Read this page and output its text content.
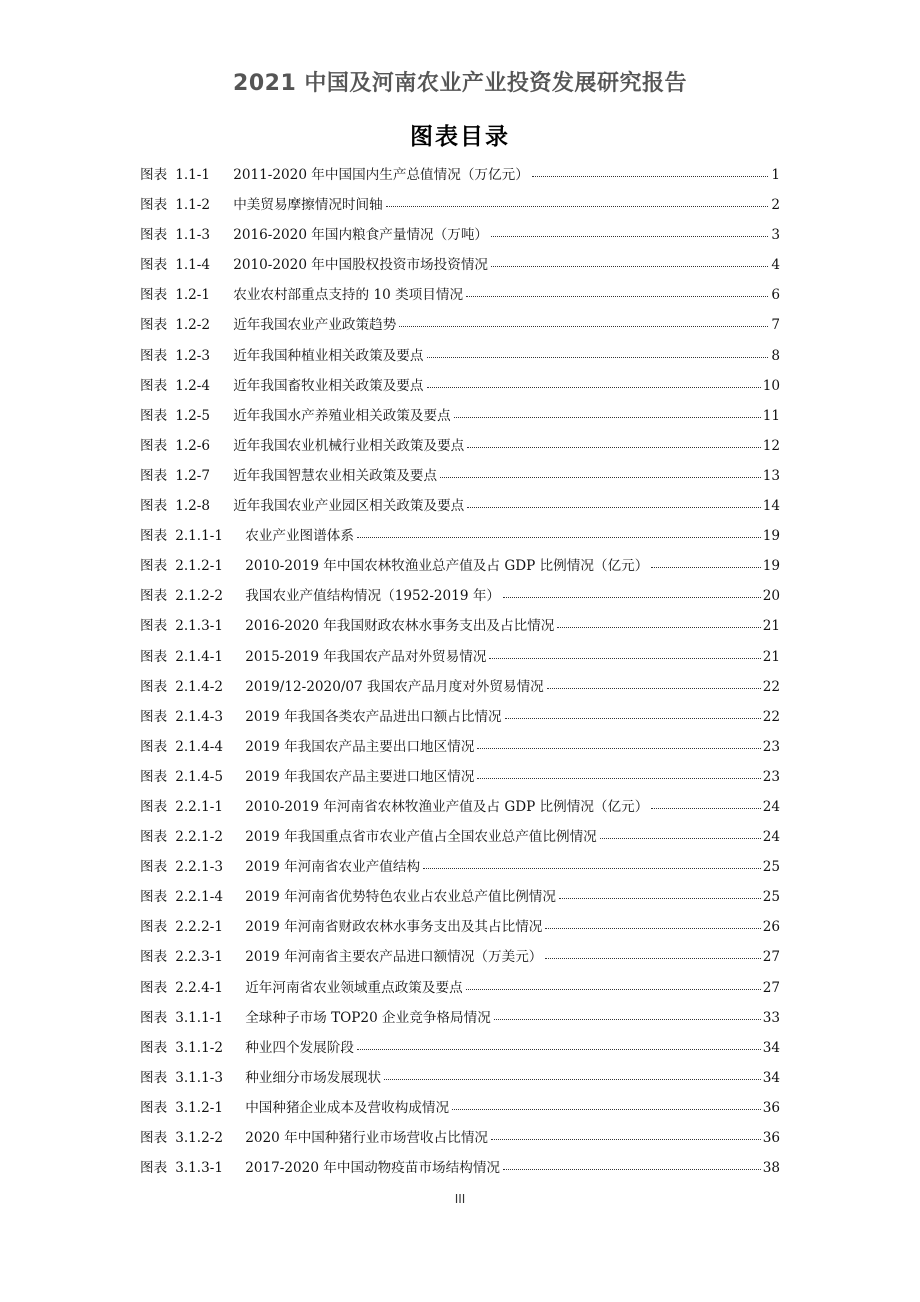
2021 中国及河南农业产业投资发展研究报告
图表目录
图表 1.1-1	2011-2020 年中国国内生产总值情况（万亿元）	1
图表 1.1-2	中美贸易摩擦情况时间轴	2
图表 1.1-3	2016-2020 年国内粮食产量情况（万吨）	3
图表 1.1-4	2010-2020 年中国股权投资市场投资情况	4
图表 1.2-1	农业农村部重点支持的 10 类项目情况	6
图表 1.2-2	近年我国农业产业政策趋势	7
图表 1.2-3	近年我国种植业相关政策及要点	8
图表 1.2-4	近年我国畜牧业相关政策及要点	10
图表 1.2-5	近年我国水产养殖业相关政策及要点	11
图表 1.2-6	近年我国农业机械行业相关政策及要点	12
图表 1.2-7	近年我国智慧农业相关政策及要点	13
图表 1.2-8	近年我国农业产业园区相关政策及要点	14
图表 2.1.1-1	农业产业图谱体系	19
图表 2.1.2-1	2010-2019 年中国农林牧渔业总产值及占 GDP 比例情况（亿元）	19
图表 2.1.2-2	我国农业产值结构情况（1952-2019 年）	20
图表 2.1.3-1	2016-2020 年我国财政农林水事务支出及占比情况	21
图表 2.1.4-1	2015-2019 年我国农产品对外贸易情况	21
图表 2.1.4-2	2019/12-2020/07 我国农产品月度对外贸易情况	22
图表 2.1.4-3	2019 年我国各类农产品进出口额占比情况	22
图表 2.1.4-4	2019 年我国农产品主要出口地区情况	23
图表 2.1.4-5	2019 年我国农产品主要进口地区情况	23
图表 2.2.1-1	2010-2019 年河南省农林牧渔业产值及占 GDP 比例情况（亿元）	24
图表 2.2.1-2	2019 年我国重点省市农业产值占全国农业总产值比例情况	24
图表 2.2.1-3	2019 年河南省农业产值结构	25
图表 2.2.1-4	2019 年河南省优势特色农业占农业总产值比例情况	25
图表 2.2.2-1	2019 年河南省财政农林水事务支出及其占比情况	26
图表 2.2.3-1	2019 年河南省主要农产品进口额情况（万美元）	27
图表 2.2.4-1	近年河南省农业领域重点政策及要点	27
图表 3.1.1-1	全球种子市场 TOP20 企业竞争格局情况	33
图表 3.1.1-2	种业四个发展阶段	34
图表 3.1.1-3	种业细分市场发展现状	34
图表 3.1.2-1	中国种猪企业成本及营收构成情况	36
图表 3.1.2-2	2020 年中国种猪行业市场营收占比情况	36
图表 3.1.3-1	2017-2020 年中国动物疫苗市场结构情况	38
III
